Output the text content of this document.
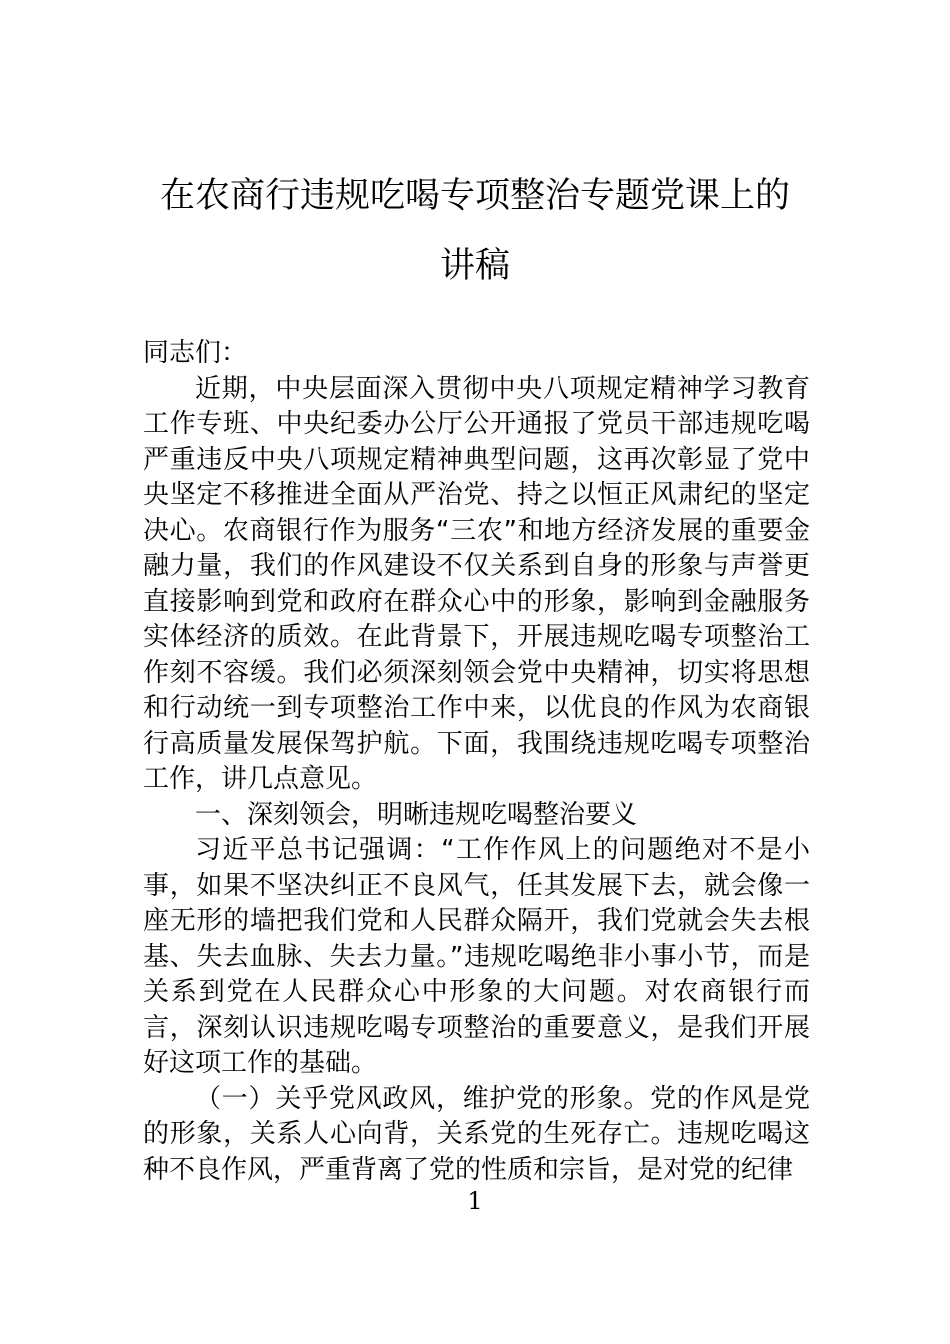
在农商行违规吃喝专项整治专题党课上的
讲稿

同志们：

近期，中央层面深入贯彻中央八项规定精神学习教育工作专班、中央纪委办公厅公开通报了党员干部违规吃喝严重违反中央八项规定精神典型问题，这再次彰显了党中央坚定不移推进全面从严治党、持之以恒正风肃纪的坚定决心。农商银行作为服务“三农”和地方经济发展的重要金融力量，我们的作风建设不仅关系到自身的形象与声誉更直接影响到党和政府在群众心中的形象，影响到金融服务实体经济的质效。在此背景下，开展违规吃喝专项整治工作刻不容缓。我们必须深刻领会党中央精神，切实将思想和行动统一到专项整治工作中来，以优良的作风为农商银行高质量发展保驾护航。下面，我围绕违规吃喝专项整治工作，讲几点意见。

一、深刻领会，明晰违规吃喝整治要义

习近平总书记强调：“工作作风上的问题绝对不是小事，如果不坚决纠正不良风气，任其发展下去，就会像一座无形的墙把我们党和人民群众隔开，我们党就会失去根基、失去血脉、失去力量。”违规吃喝绝非小事小节，而是关系到党在人民群众心中形象的大问题。对农商银行而言，深刻认识违规吃喝专项整治的重要意义，是我们开展好这项工作的基础。

（一）关乎党风政风，维护党的形象。党的作风是党的形象，关系人心向背，关系党的生死存亡。违规吃喝这种不良作风，严重背离了党的性质和宗旨，是对党的纪律

1
